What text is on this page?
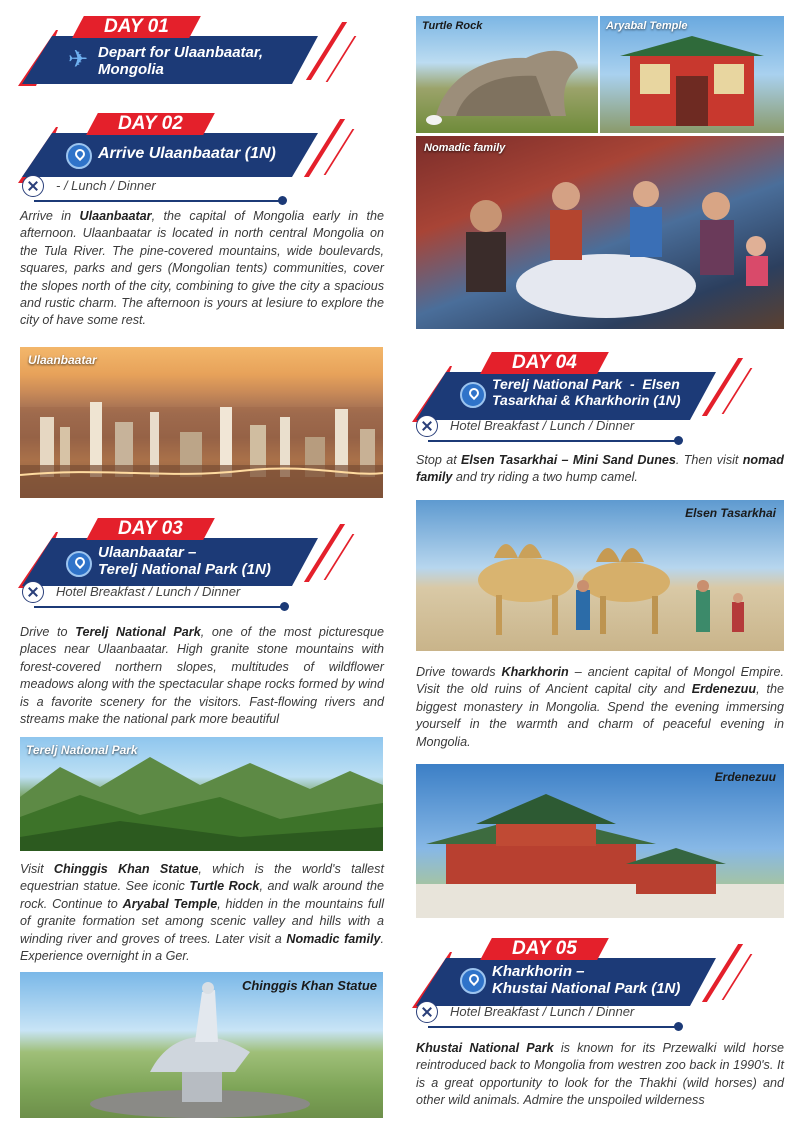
DAY 01
✈ Depart for Ulaanbaatar,
Mongolia
DAY 02
Arrive Ulaanbaatar (1N)
- / Lunch / Dinner
Arrive in Ulaanbaatar, the capital of Mongolia early in the afternoon. Ulaanbaatar is located in north central Mongolia on the Tula River. The pine-covered mountains, wide boulevards, squares, parks and gers (Mongolian tents) communities, cover the slopes north of the city, combining to give the city a spacious and rustic charm. The afternoon is yours at lesiure to explore the city of have some rest.
Ulaanbaatar
DAY 03
Ulaanbaatar –
Terelj National Park (1N)
Hotel Breakfast / Lunch / Dinner
Drive to Terelj National Park, one of the most picturesque places near Ulaanbaatar. High granite stone mountains with forest-covered northern slopes, multitudes of wildflower meadows along with the spectacular shape rocks formed by wind is a favorite scenery for the visitors. Fast-flowing rivers and streams make the national park more beautiful
Terelj National Park
Visit Chinggis Khan Statue, which is the world's tallest equestrian statue. See iconic Turtle Rock, and walk around the rock. Continue to Aryabal Temple, hidden in the mountains full of granite formation set among scenic valley and hills with a winding river and groves of trees. Later visit a Nomadic family. Experience overnight in a Ger.
Chinggis Khan Statue
Turtle Rock	Aryabal Temple
Nomadic family
DAY 04
Terelj National Park  -  Elsen
Tasarkhai & Kharkhorin (1N)
Hotel Breakfast / Lunch / Dinner
Stop at Elsen Tasarkhai – Mini Sand Dunes. Then visit nomad family and try riding a two hump camel.
Elsen Tasarkhai
Drive towards Kharkhorin – ancient capital of Mongol Empire. Visit the old ruins of Ancient capital city and Erdenezuu, the biggest monastery in Mongolia. Spend the evening immersing yourself in the warmth and charm of peaceful evening in Mongolia.
Erdenezuu
DAY 05
Kharkhorin –
Khustai National Park (1N)
Hotel Breakfast / Lunch / Dinner
Khustai National Park is known for its Przewalki wild horse reintroduced back to Mongolia from westren zoo back in 1990's. It is a great opportunity to look for the Thakhi (wild horses) and other wild animals. Admire the unspoiled wilderness
